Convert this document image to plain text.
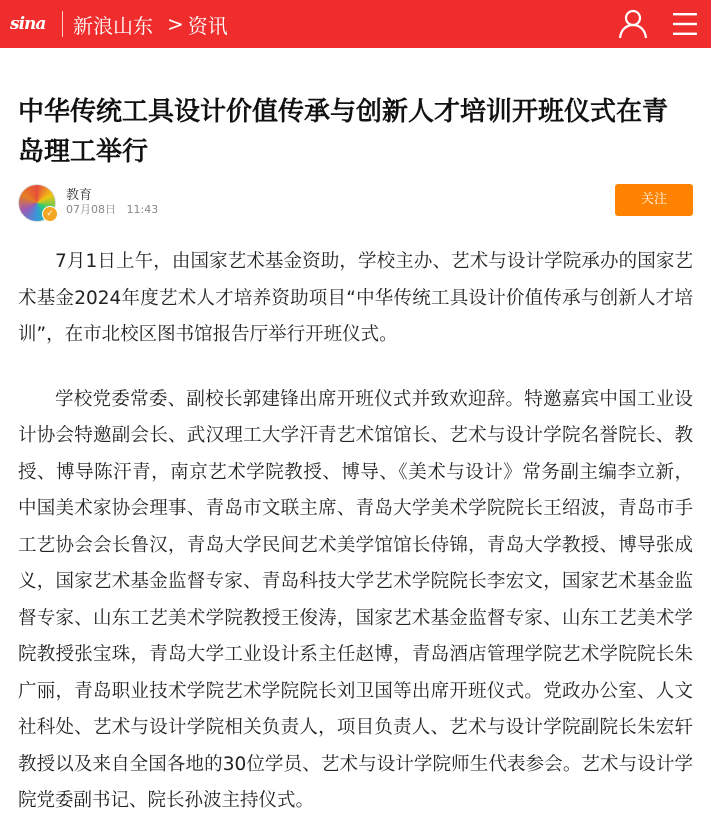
sina 新浪山东 > 资讯
中华传统工具设计价值传承与创新人才培训开班仪式在青岛理工举行
✓
教育
07月08日 11:43
关注

7月1日上午，由国家艺术基金资助，学校主办、艺术与设计学院承办的国家艺术基金2024年度艺术人才培养资助项目“中华传统工具设计价值传承与创新人才培训”，在市北校区图书馆报告厅举行开班仪式。

学校党委常委、副校长郭建锋出席开班仪式并致欢迎辞。特邀嘉宾中国工业设计协会特邀副会长、武汉理工大学汗青艺术馆馆长、艺术与设计学院名誉院长、教授、博导陈汗青，南京艺术学院教授、博导、《美术与设计》常务副主编李立新，中国美术家协会理事、青岛市文联主席、青岛大学美术学院院长王绍波，青岛市手工艺协会会长鲁汉，青岛大学民间艺术美学馆馆长侍锦，青岛大学教授、博导张成义，国家艺术基金监督专家、青岛科技大学艺术学院院长李宏文，国家艺术基金监督专家、山东工艺美术学院教授王俊涛，国家艺术基金监督专家、山东工艺美术学院教授张宝珠，青岛大学工业设计系主任赵博，青岛酒店管理学院艺术学院院长朱广丽，青岛职业技术学院艺术学院院长刘卫国等出席开班仪式。党政办公室、人文社科处、艺术与设计学院相关负责人，项目负责人、艺术与设计学院副院长朱宏轩教授以及来自全国各地的30位学员、艺术与设计学院师生代表参会。艺术与设计学院党委副书记、院长孙波主持仪式。
